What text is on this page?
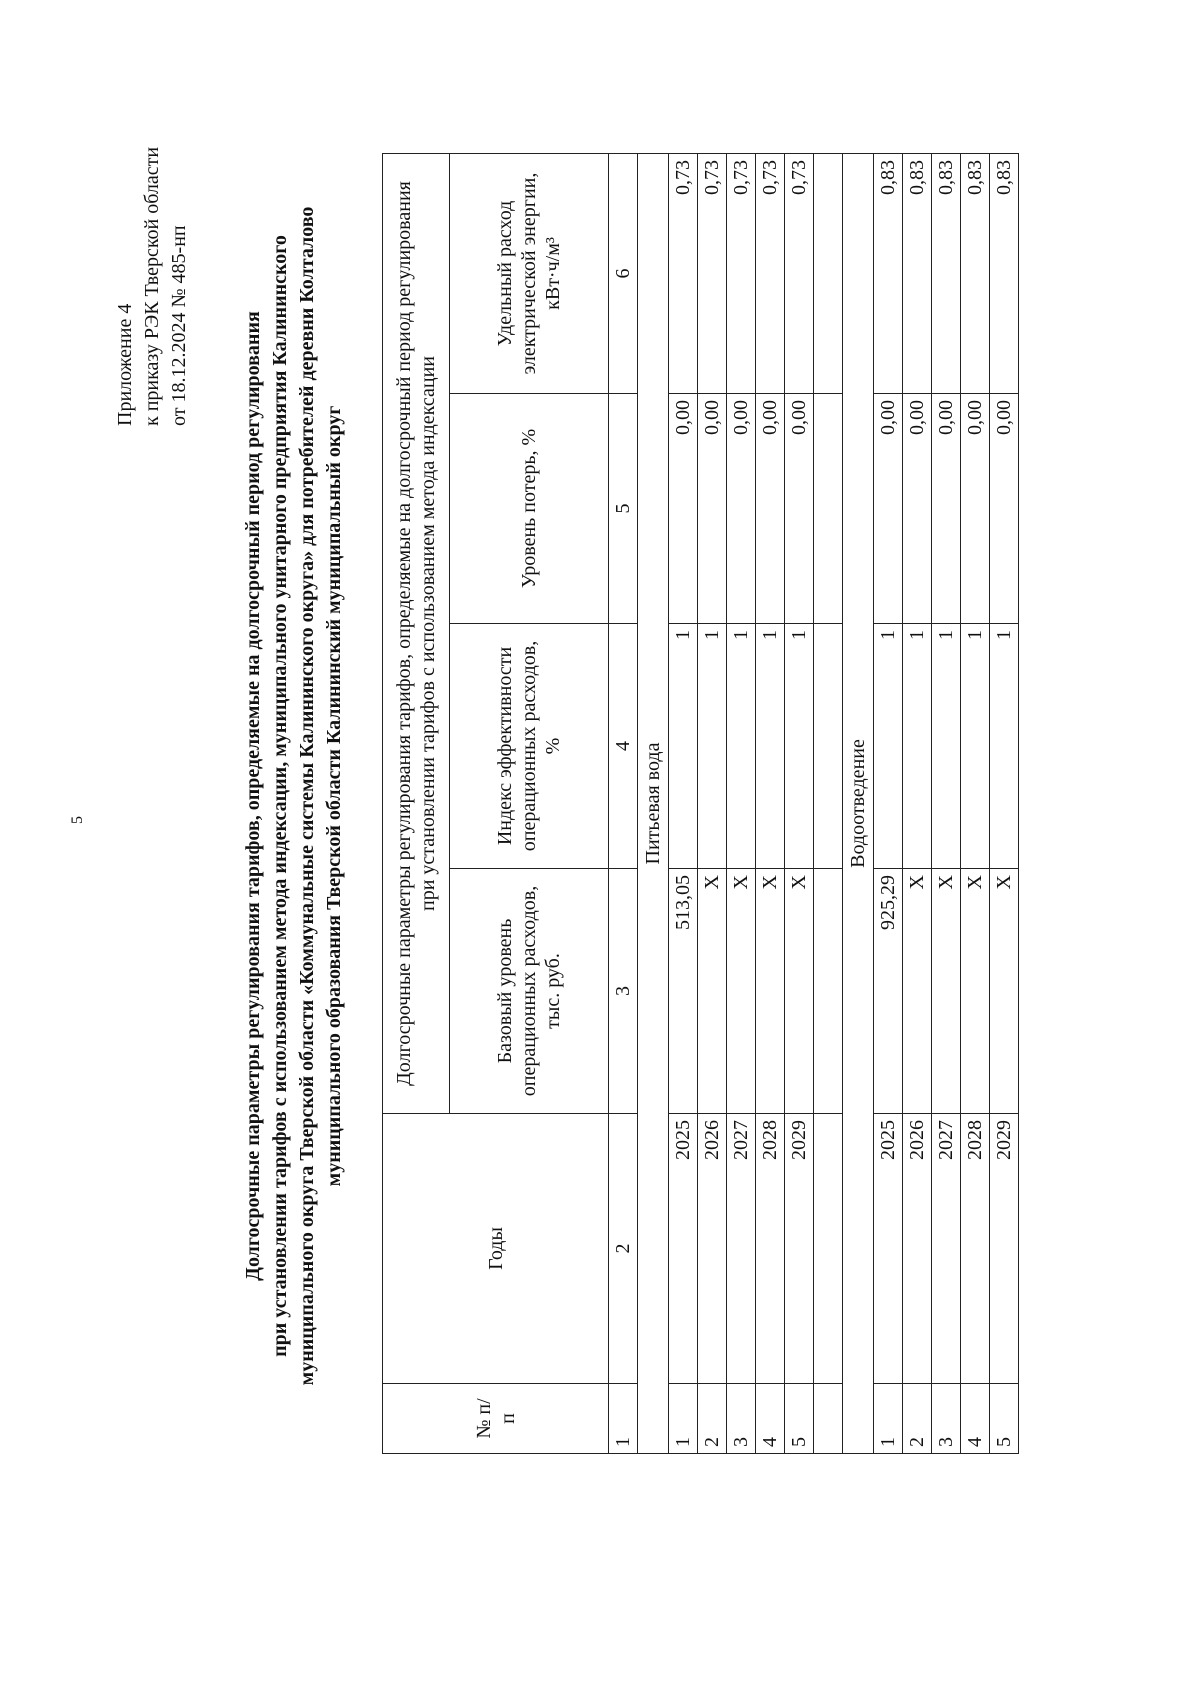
5
Приложение 4 к приказу РЭК Тверской области от 18.12.2024 № 485-нп	Долгосрочные параметры регулирования тарифов, определяемые на долгосрочный период регулирования при установлении тарифов с использованием метода индексации, муниципального унитарного предприятия Калининского муниципального округа Тверской области «Коммунальные системы Калининского округа» для потребителей деревни Колталово муниципального образования Тверской области Калининский муниципальный округ
№ п/п	Годы	Долгосрочные параметры регулирования тарифов, определяемые на долгосрочный период регулирования при установлении тарифов с использованием метода индексации			
		Базовый уровень операционных расходов, тыс. руб.	Индекс эффективности операционных расходов, %	Уровень потерь, %	Удельный расход электрической энергии, кВт·ч/м³
1	2	3	4	5	6
Питьевая вода					
1	2025	513,05	1	0,00	0,73
2	2026	X	1	0,00	0,73
3	2027	X	1	0,00	0,73
4	2028	X	1	0,00	0,73
5	2029	X	1	0,00	0,73

Водоотведение					
1	2025	925,29	1	0,00	0,83
2	2026	X	1	0,00	0,83
3	2027	X	1	0,00	0,83
4	2028	X	1	0,00	0,83
5	2029	X	1	0,00	0,83
